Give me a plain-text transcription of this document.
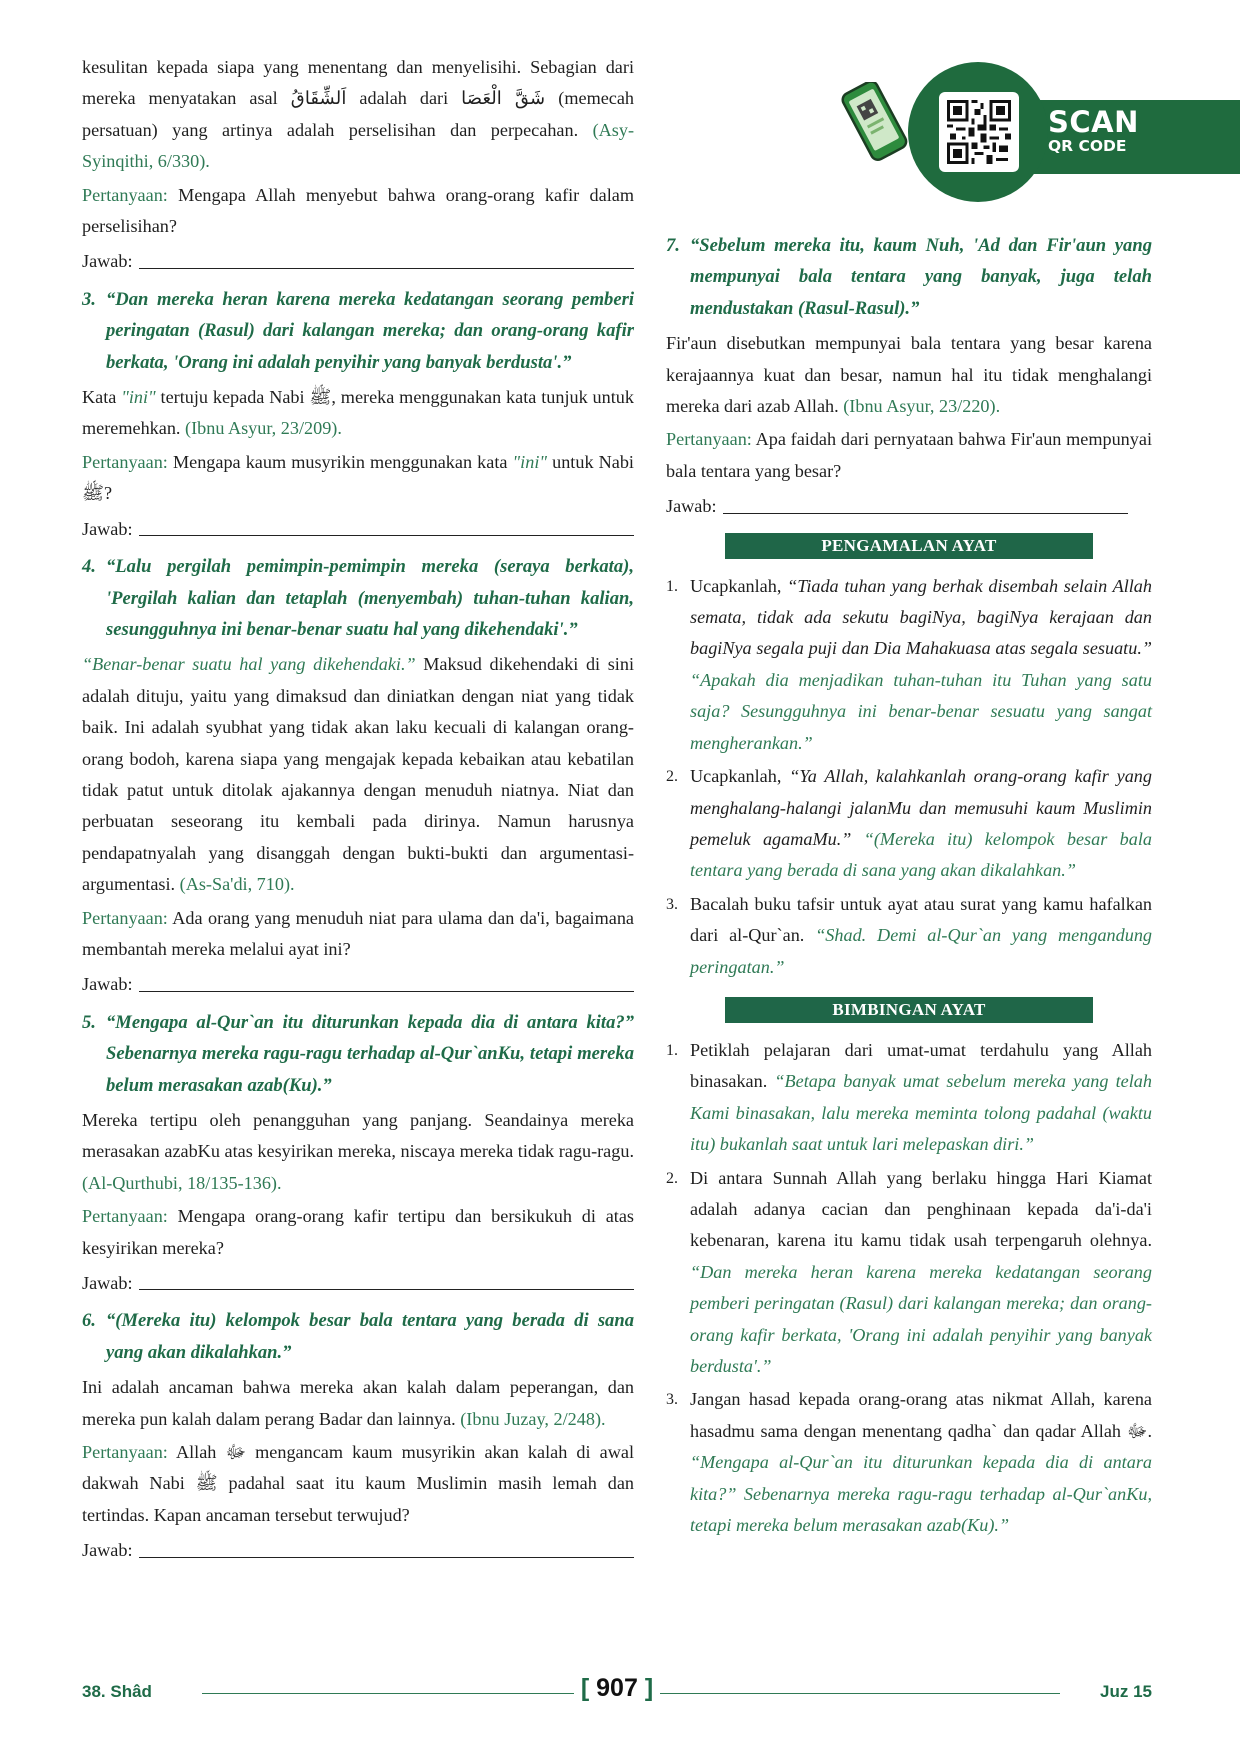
kesulitan kepada siapa yang menentang dan menyelisihi. Sebagian dari mereka menyatakan asal اَلشِّقَاقُ adalah dari شَقَّ الْعَصَا (memecah persatuan) yang artinya adalah perselisihan dan perpecahan. (Asy-Syinqithi, 6/330).

Pertanyaan: Mengapa Allah menyebut bahwa orang-orang kafir dalam perselisihan?

Jawab:

3. “Dan mereka heran karena mereka kedatangan seorang pemberi peringatan (Rasul) dari kalangan mereka; dan orang-orang kafir berkata, 'Orang ini adalah penyihir yang banyak berdusta'.”

Kata "ini" tertuju kepada Nabi ﷺ, mereka menggunakan kata tunjuk untuk meremehkan. (Ibnu Asyur, 23/209).

Pertanyaan: Mengapa kaum musyrikin menggunakan kata "ini" untuk Nabi ﷺ?

Jawab:

4. “Lalu pergilah pemimpin-pemimpin mereka (seraya berkata), 'Pergilah kalian dan tetaplah (menyembah) tuhan-tuhan kalian, sesungguhnya ini benar-benar suatu hal yang dikehendaki'.”

“Benar-benar suatu hal yang dikehendaki.” Maksud dikehendaki di sini adalah dituju, yaitu yang dimaksud dan diniatkan dengan niat yang tidak baik. Ini adalah syubhat yang tidak akan laku kecuali di kalangan orang-orang bodoh, karena siapa yang mengajak kepada kebaikan atau kebatilan tidak patut untuk ditolak ajakannya dengan menuduh niatnya. Niat dan perbuatan seseorang itu kembali pada dirinya. Namun harusnya pendapatnyalah yang disanggah dengan bukti-bukti dan argumentasi-argumentasi. (As-Sa'di, 710).

Pertanyaan: Ada orang yang menuduh niat para ulama dan da'i, bagaimana membantah mereka melalui ayat ini?

Jawab:

5. “Mengapa al-Qur`an itu diturunkan kepada dia di antara kita?” Sebenarnya mereka ragu-ragu terhadap al-Qur`anKu, tetapi mereka belum merasakan azab(Ku).”

Mereka tertipu oleh penangguhan yang panjang. Seandainya mereka merasakan azabKu atas kesyirikan mereka, niscaya mereka tidak ragu-ragu. (Al-Qurthubi, 18/135-136).

Pertanyaan: Mengapa orang-orang kafir tertipu dan bersikukuh di atas kesyirikan mereka?

Jawab:

6. “(Mereka itu) kelompok besar bala tentara yang berada di sana yang akan dikalahkan.”

Ini adalah ancaman bahwa mereka akan kalah dalam peperangan, dan mereka pun kalah dalam perang Badar dan lainnya. (Ibnu Juzay, 2/248).

Pertanyaan: Allah ﷻ mengancam kaum musyrikin akan kalah di awal dakwah Nabi ﷺ padahal saat itu kaum Muslimin masih lemah dan tertindas. Kapan ancaman tersebut terwujud?

Jawab:
SCAN
QR CODE

7. “Sebelum mereka itu, kaum Nuh, 'Ad dan Fir'aun yang mempunyai bala tentara yang banyak, juga telah mendustakan (Rasul-Rasul).”

Fir'aun disebutkan mempunyai bala tentara yang besar karena kerajaannya kuat dan besar, namun hal itu tidak menghalangi mereka dari azab Allah. (Ibnu Asyur, 23/220).

Pertanyaan: Apa faidah dari pernyataan bahwa Fir'aun mempunyai bala tentara yang besar?

Jawab:
PENGAMALAN AYAT
1. Ucapkanlah, “Tiada tuhan yang berhak disembah selain Allah semata, tidak ada sekutu bagiNya, bagiNya kerajaan dan bagiNya segala puji dan Dia Mahakuasa atas segala sesuatu.” “Apakah dia menjadikan tuhan-tuhan itu Tuhan yang satu saja? Sesungguhnya ini benar-benar sesuatu yang sangat mengherankan.”
2. Ucapkanlah, “Ya Allah, kalahkanlah orang-orang kafir yang menghalang-halangi jalanMu dan memusuhi kaum Muslimin pemeluk agamaMu.” “(Mereka itu) kelompok besar bala tentara yang berada di sana yang akan dikalahkan.”
3. Bacalah buku tafsir untuk ayat atau surat yang kamu hafalkan dari al-Qur`an. “Shad. Demi al-Qur`an yang mengandung peringatan.”
BIMBINGAN AYAT
1. Petiklah pelajaran dari umat-umat terdahulu yang Allah binasakan. “Betapa banyak umat sebelum mereka yang telah Kami binasakan, lalu mereka meminta tolong padahal (waktu itu) bukanlah saat untuk lari melepaskan diri.”
2. Di antara Sunnah Allah yang berlaku hingga Hari Kiamat adalah adanya cacian dan penghinaan kepada da'i-da'i kebenaran, karena itu kamu tidak usah terpengaruh olehnya. “Dan mereka heran karena mereka kedatangan seorang pemberi peringatan (Rasul) dari kalangan mereka; dan orang-orang kafir berkata, 'Orang ini adalah penyihir yang banyak berdusta'.”
3. Jangan hasad kepada orang-orang atas nikmat Allah, karena hasadmu sama dengan menentang qadha` dan qadar Allah ﷻ. “Mengapa al-Qur`an itu diturunkan kepada dia di antara kita?” Sebenarnya mereka ragu-ragu terhadap al-Qur`anKu, tetapi mereka belum merasakan azab(Ku).”
38. Shâd	[ 907 ]	Juz 15
